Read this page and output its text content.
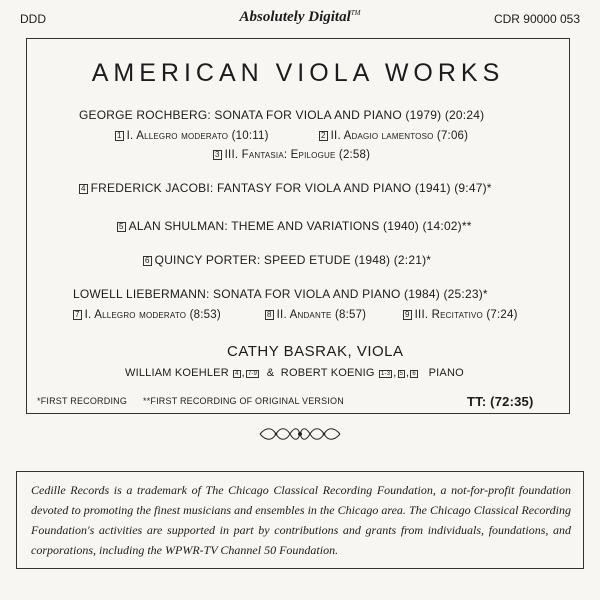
DDD	Absolutely Digital™	CDR 90000 053
AMERICAN VIOLA WORKS
GEORGE ROCHBERG: SONATA FOR VIOLA AND PIANO (1979) (20:24)
1 I. Allegro moderato (10:11)	2 II. Adagio lamentoso (7:06)
3 III. Fantasia: Epilogue (2:58)
4 FREDERICK JACOBI: FANTASY FOR VIOLA AND PIANO (1941) (9:47)*
5 ALAN SHULMAN: THEME AND VARIATIONS (1940) (14:02)**
6 QUINCY PORTER: SPEED ETUDE (1948) (2:21)*
LOWELL LIEBERMANN: SONATA FOR VIOLA AND PIANO (1984) (25:23)*
7 I. Allegro moderato (8:53)	8 II. Andante (8:57)	9 III. Recitativo (7:24)
CATHY BASRAK, VIOLA
WILLIAM KOEHLER 4 , 7-9 & ROBERT KOENIG 1-3 , 5 , 6 PIANO
*FIRST RECORDING **FIRST RECORDING OF ORIGINAL VERSION	TT: (72:35)

Cedille Records is a trademark of The Chicago Classical Recording Foundation, a not-for-profit foundation devoted to promoting the finest musicians and ensembles in the Chicago area. The Chicago Classical Recording Foundation's activities are supported in part by contributions and grants from individuals, foundations, and corporations, including the WPWR-TV Channel 50 Foundation.
